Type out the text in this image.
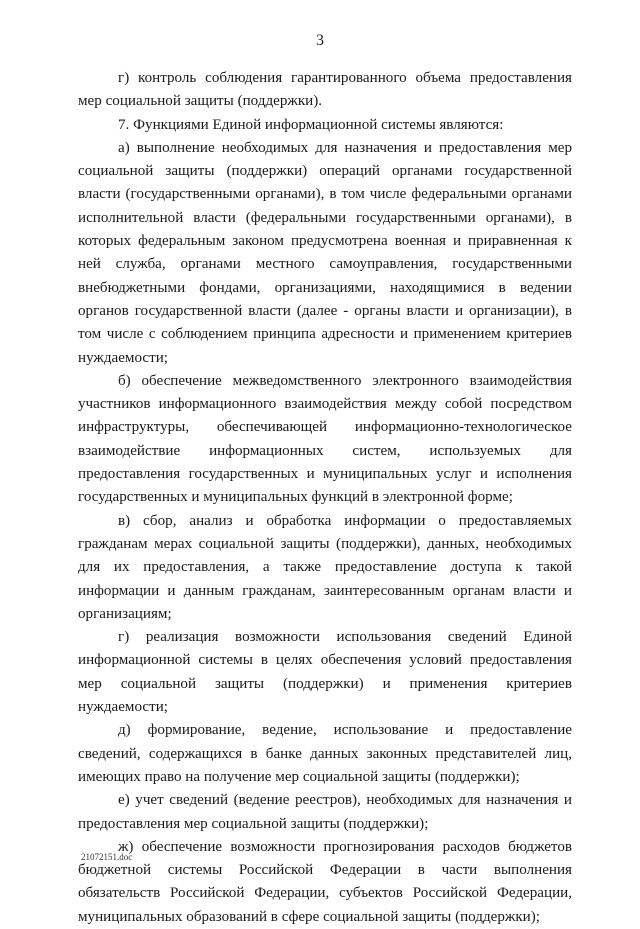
3

г) контроль соблюдения гарантированного объема предоставления мер социальной защиты (поддержки).

7. Функциями Единой информационной системы являются:

а) выполнение необходимых для назначения и предоставления мер социальной защиты (поддержки) операций органами государственной власти (государственными органами), в том числе федеральными органами исполнительной власти (федеральными государственными органами), в которых федеральным законом предусмотрена военная и приравненная к ней служба, органами местного самоуправления, государственными внебюджетными фондами, организациями, находящимися в ведении органов государственной власти (далее - органы власти и организации), в том числе с соблюдением принципа адресности и применением критериев нуждаемости;

б) обеспечение межведомственного электронного взаимодействия участников информационного взаимодействия между собой посредством инфраструктуры, обеспечивающей информационно-технологическое взаимодействие информационных систем, используемых для предоставления государственных и муниципальных услуг и исполнения государственных и муниципальных функций в электронной форме;

в) сбор, анализ и обработка информации о предоставляемых гражданам мерах социальной защиты (поддержки), данных, необходимых для их предоставления, а также предоставление доступа к такой информации и данным гражданам, заинтересованным органам власти и организациям;

г) реализация возможности использования сведений Единой информационной системы в целях обеспечения условий предоставления мер социальной защиты (поддержки) и применения критериев нуждаемости;

д) формирование, ведение, использование и предоставление сведений, содержащихся в банке данных законных представителей лиц, имеющих право на получение мер социальной защиты (поддержки);

е) учет сведений (ведение реестров), необходимых для назначения и предоставления мер социальной защиты (поддержки);

ж) обеспечение возможности прогнозирования расходов бюджетов бюджетной системы Российской Федерации в части выполнения обязательств Российской Федерации, субъектов Российской Федерации, муниципальных образований в сфере социальной защиты (поддержки);

21072151.doc
